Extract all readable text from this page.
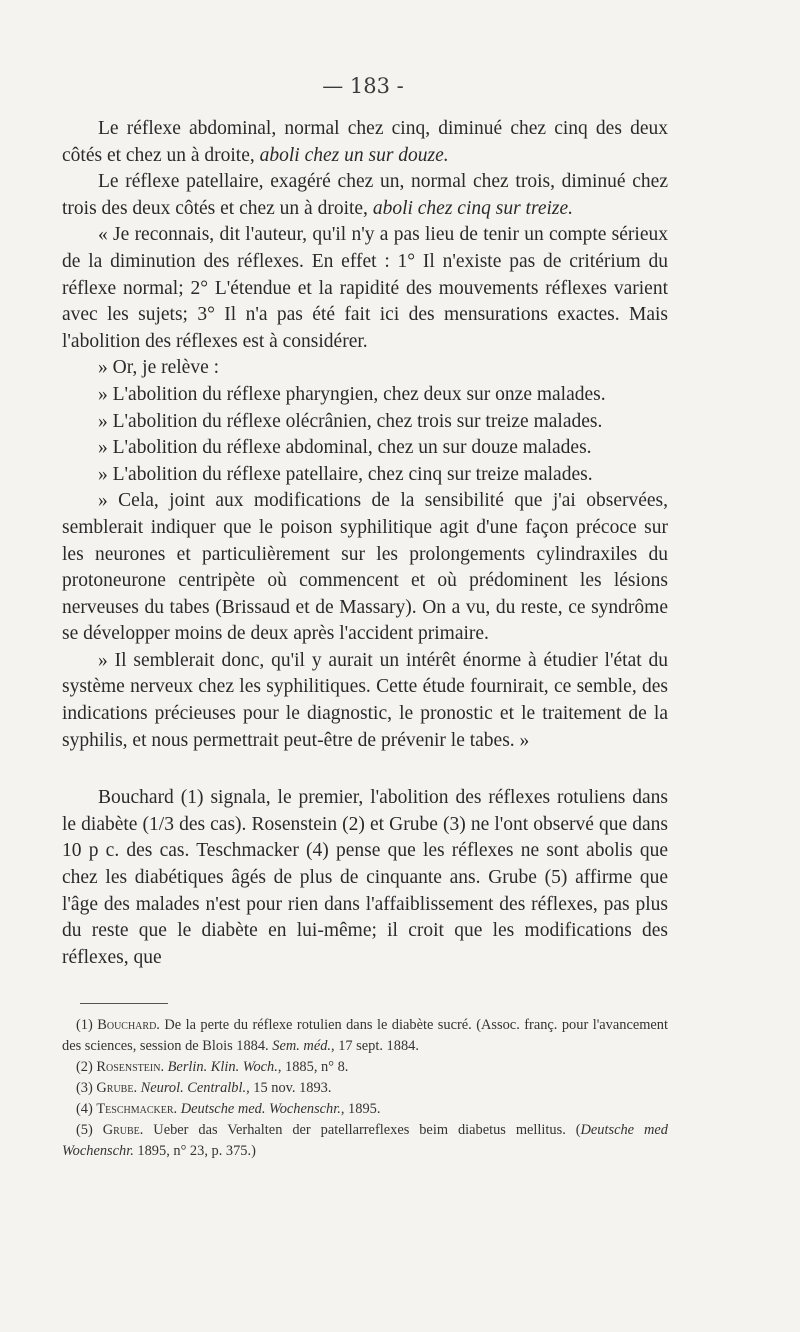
— 183 -

Le réflexe abdominal, normal chez cinq, diminué chez cinq des deux côtés et chez un à droite, aboli chez un sur douze.

Le réflexe patellaire, exagéré chez un, normal chez trois, diminué chez trois des deux côtés et chez un à droite, aboli chez cinq sur treize.

« Je reconnais, dit l'auteur, qu'il n'y a pas lieu de tenir un compte sérieux de la diminution des réflexes. En effet : 1° Il n'existe pas de critérium du réflexe normal; 2° L'étendue et la rapidité des mouvements réflexes varient avec les sujets; 3° Il n'a pas été fait ici des mensurations exactes. Mais l'abolition des réflexes est à considérer.

» Or, je relève :

» L'abolition du réflexe pharyngien, chez deux sur onze malades.

» L'abolition du réflexe olécrânien, chez trois sur treize malades.

» L'abolition du réflexe abdominal, chez un sur douze malades.

» L'abolition du réflexe patellaire, chez cinq sur treize malades.

» Cela, joint aux modifications de la sensibilité que j'ai observées, semblerait indiquer que le poison syphilitique agit d'une façon précoce sur les neurones et particulièrement sur les prolongements cylindraxiles du protoneurone centripète où commencent et où prédominent les lésions nerveuses du tabes (Brissaud et de Massary). On a vu, du reste, ce syndrôme se développer moins de deux après l'accident primaire.

» Il semblerait donc, qu'il y aurait un intérêt énorme à étudier l'état du système nerveux chez les syphilitiques. Cette étude fournirait, ce semble, des indications précieuses pour le diagnostic, le pronostic et le traitement de la syphilis, et nous permettrait peut-être de prévenir le tabes. »

Bouchard (1) signala, le premier, l'abolition des réflexes rotuliens dans le diabète (1/3 des cas). Rosenstein (2) et Grube (3) ne l'ont observé que dans 10 p c. des cas. Teschmacker (4) pense que les réflexes ne sont abolis que chez les diabétiques âgés de plus de cinquante ans. Grube (5) affirme que l'âge des malades n'est pour rien dans l'affaiblissement des réflexes, pas plus du reste que le diabète en lui-même; il croit que les modifications des réflexes, que

(1) Bouchard. De la perte du réflexe rotulien dans le diabète sucré. (Assoc. franç. pour l'avancement des sciences, session de Blois 1884. Sem. méd., 17 sept. 1884.

(2) Rosenstein. Berlin. Klin. Woch., 1885, n° 8.

(3) Grube. Neurol. Centralbl., 15 nov. 1893.

(4) Teschmacker. Deutsche med. Wochenschr., 1895.

(5) Grube. Ueber das Verhalten der patellarreflexes beim diabetus mellitus. (Deutsche med Wochenschr. 1895, n° 23, p. 375.)
